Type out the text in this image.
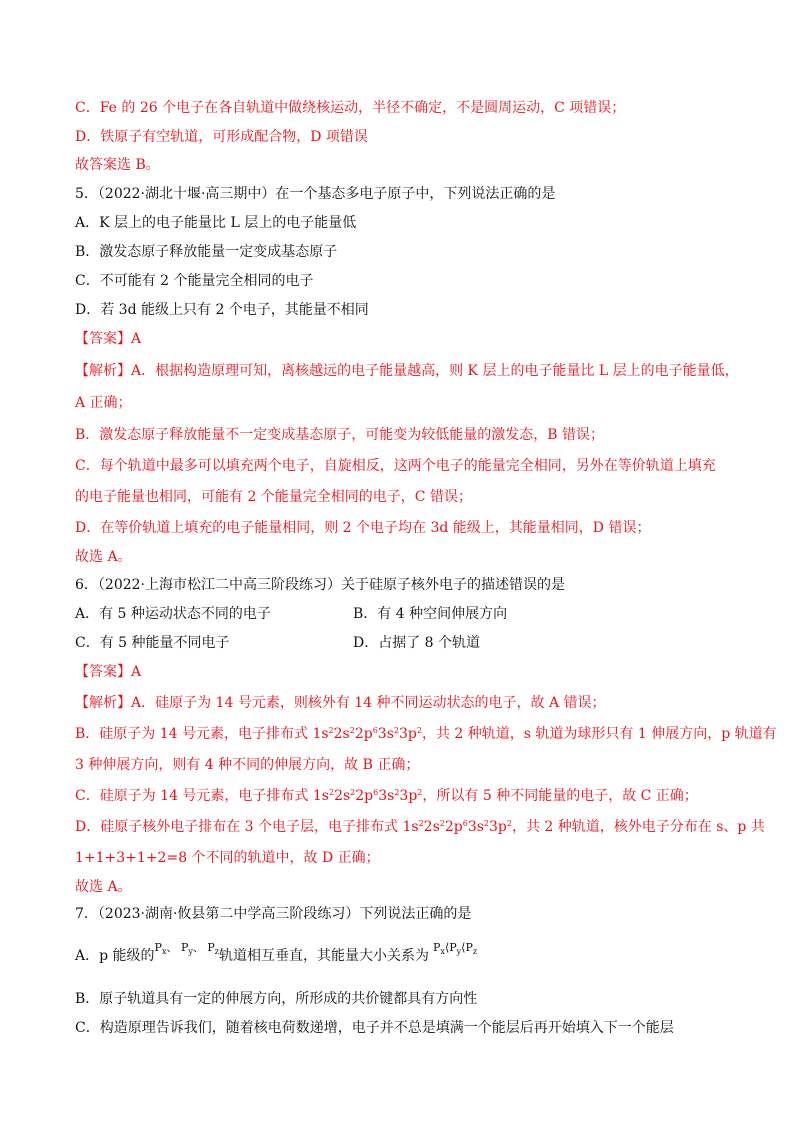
C．Fe 的 26 个电子在各自轨道中做绕核运动，半径不确定，不是圆周运动，C 项错误；
D．铁原子有空轨道，可形成配合物，D 项错误
故答案选 B。
5．（2022·湖北十堰·高三期中）在一个基态多电子原子中，下列说法正确的是
A．K 层上的电子能量比 L 层上的电子能量低
B．激发态原子释放能量一定变成基态原子
C．不可能有 2 个能量完全相同的电子
D．若 3d 能级上只有 2 个电子，其能量不相同
【答案】A
【解析】A．根据构造原理可知，离核越远的电子能量越高，则 K 层上的电子能量比 L 层上的电子能量低，
A 正确；
B．激发态原子释放能量不一定变成基态原子，可能变为较低能量的激发态，B 错误；
C．每个轨道中最多可以填充两个电子，自旋相反，这两个电子的能量完全相同，另外在等价轨道上填充
的电子能量也相同，可能有 2 个能量完全相同的电子，C 错误；
D．在等价轨道上填充的电子能量相同，则 2 个电子均在 3d 能级上，其能量相同，D 错误；
故选 A。
6．（2022·上海市松江二中高三阶段练习）关于硅原子核外电子的描述错误的是
A．有 5 种运动状态不同的电子	B．有 4 种空间伸展方向
C．有 5 种能量不同电子	D．占据了 8 个轨道
【答案】A
【解析】A．硅原子为 14 号元素，则核外有 14 种不同运动状态的电子，故 A 错误；
B．硅原子为 14 号元素，电子排布式 $1s^22s^22p^63s^23p^2$，共 2 种轨道，s 轨道为球形只有 1 伸展方向，p 轨道有
3 种伸展方向，则有 4 种不同的伸展方向，故 B 正确；
C．硅原子为 14 号元素，电子排布式 $1s^22s^22p^63s^23p^2$，所以有 5 种不同能量的电子，故 C 正确；
D．硅原子核外电子排布在 3 个电子层，电子排布式 $1s^22s^22p^63s^23p^2$，共 2 种轨道，核外电子分布在 s、p 共
1+1+3+1+2=8 个不同的轨道中，故 D 正确；
故选 A。
7．（2023·湖南·攸县第二中学高三阶段练习）下列说法正确的是
A．p 能级的$^{P_x、 P_y、 P_z}$轨道相互垂直，其能量大小关系为$^{P_x⟨P_y⟨P_z}$
B．原子轨道具有一定的伸展方向，所形成的共价键都具有方向性
C．构造原理告诉我们，随着核电荷数递增，电子并不总是填满一个能层后再开始填入下一个能层
